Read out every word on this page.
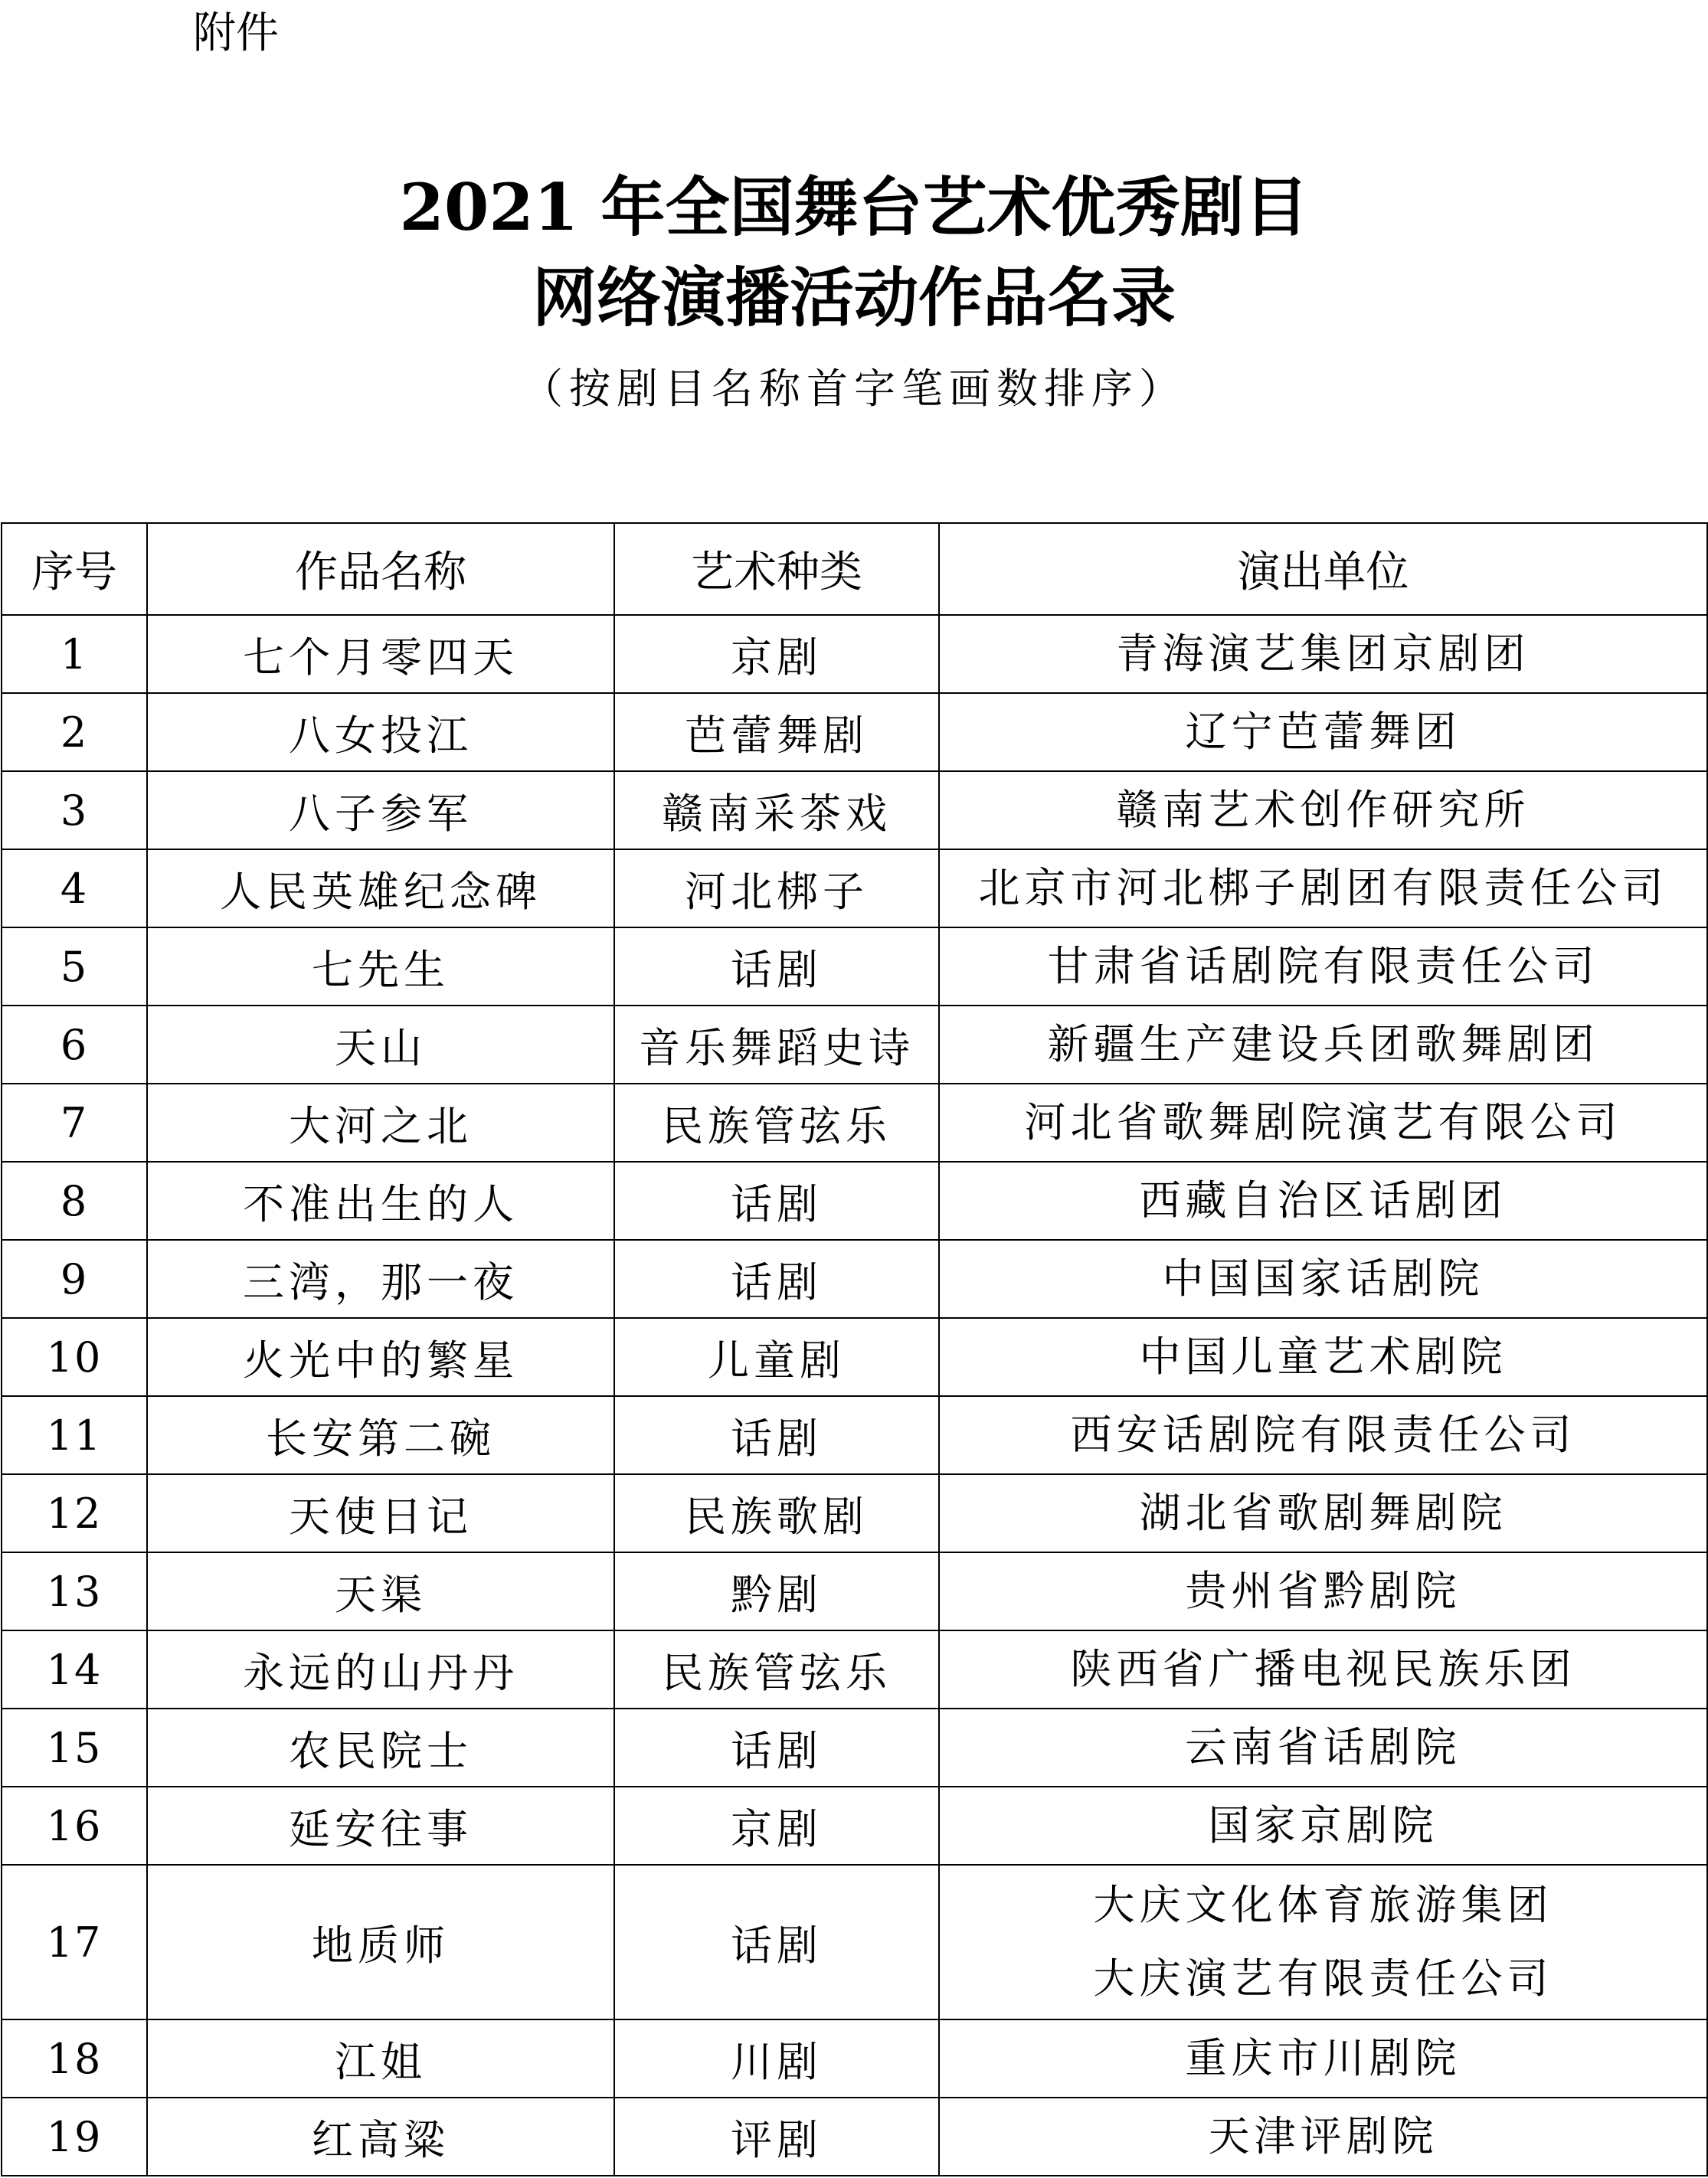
附件
2021 年全国舞台艺术优秀剧目
网络演播活动作品名录
（按剧目名称首字笔画数排序）
序号	作品名称	艺术种类	演出单位
1	七个月零四天	京剧	青海演艺集团京剧团

2	八女投江	芭蕾舞剧	辽宁芭蕾舞团

3	八子参军	赣南采茶戏	赣南艺术创作研究所

4	人民英雄纪念碑	河北梆子	北京市河北梆子剧团有限责任公司

5	七先生	话剧	甘肃省话剧院有限责任公司

6	天山	音乐舞蹈史诗	新疆生产建设兵团歌舞剧团

7	大河之北	民族管弦乐	河北省歌舞剧院演艺有限公司

8	不准出生的人	话剧	西藏自治区话剧团

9	三湾，那一夜	话剧	中国国家话剧院

10	火光中的繁星	儿童剧	中国儿童艺术剧院

11	长安第二碗	话剧	西安话剧院有限责任公司

12	天使日记	民族歌剧	湖北省歌剧舞剧院

13	天渠	黔剧	贵州省黔剧院

14	永远的山丹丹	民族管弦乐	陕西省广播电视民族乐团

15	农民院士	话剧	云南省话剧院

16	延安往事	京剧	国家京剧院

17	地质师	话剧	大庆文化体育旅游集团
大庆演艺有限责任公司

18	江姐	川剧	重庆市川剧院

19	红高粱	评剧	天津评剧院
